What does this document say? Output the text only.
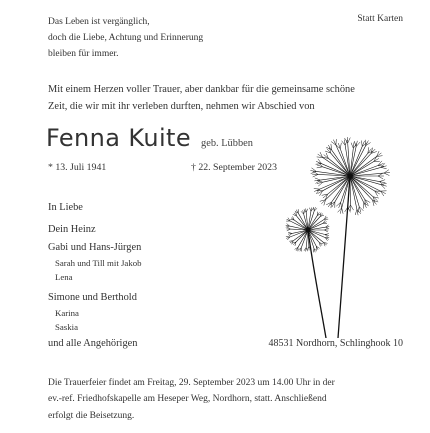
Das Leben ist vergänglich,
doch die Liebe, Achtung und Erinnerung
bleiben für immer.
Statt Karten
Mit einem Herzen voller Trauer, aber dankbar für die gemeinsame schöne
Zeit, die wir mit ihr verleben durften, nehmen wir Abschied von
Fenna Kuite geb. Lübben
* 13. Juli 1941	† 22. September 2023
In Liebe
Dein Heinz
Gabi und Hans-Jürgen
Sarah und Till mit Jakob
Lena
Simone und Berthold
Karina
Saskia
und alle Angehörigen	48531 Nordhorn, Schlinghook 10
Die Trauerfeier findet am Freitag, 29. September 2023 um 14.00 Uhr in der
ev.-ref. Friedhofskapelle am Heseper Weg, Nordhorn, statt. Anschließend
erfolgt die Beisetzung.
